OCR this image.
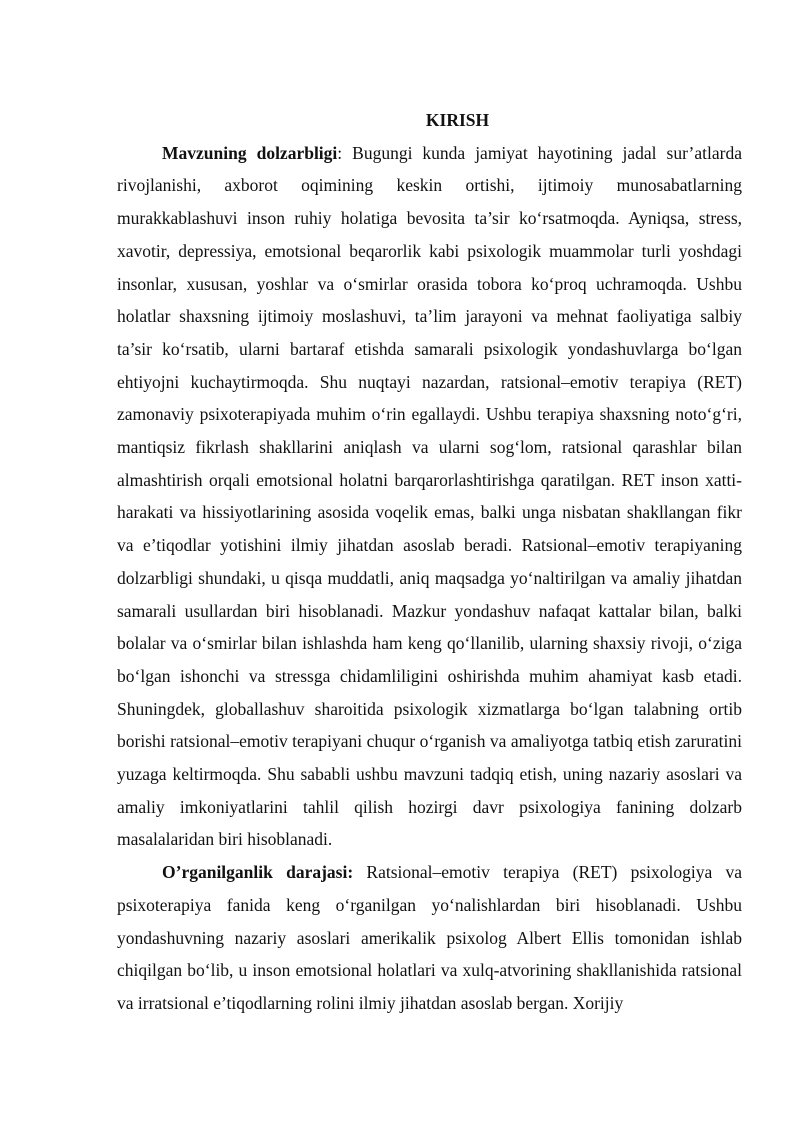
KIRISH

Mavzuning dolzarbligi: Bugungi kunda jamiyat hayotining jadal sur’atlarda rivojlanishi, axborot oqimining keskin ortishi, ijtimoiy munosabatlarning murakkablashuvi inson ruhiy holatiga bevosita ta’sir ko‘rsatmoqda. Ayniqsa, stress, xavotir, depressiya, emotsional beqarorlik kabi psixologik muammolar turli yoshdagi insonlar, xususan, yoshlar va o‘smirlar orasida tobora ko‘proq uchramoqda. Ushbu holatlar shaxsning ijtimoiy moslashuvi, ta’lim jarayoni va mehnat faoliyatiga salbiy ta’sir ko‘rsatib, ularni bartaraf etishda samarali psixologik yondashuvlarga bo‘lgan ehtiyojni kuchaytirmoqda. Shu nuqtayi nazardan, ratsional–emotiv terapiya (RET) zamonaviy psixoterapiyada muhim o‘rin egallaydi. Ushbu terapiya shaxsning noto‘g‘ri, mantiqsiz fikrlash shakllarini aniqlash va ularni sog‘lom, ratsional qarashlar bilan almashtirish orqali emotsional holatni barqarorlashtirishga qaratilgan. RET inson xatti-harakati va hissiyotlarining asosida voqelik emas, balki unga nisbatan shakllangan fikr va e’tiqodlar yotishini ilmiy jihatdan asoslab beradi. Ratsional–emotiv terapiyaning dolzarbligi shundaki, u qisqa muddatli, aniq maqsadga yo‘naltirilgan va amaliy jihatdan samarali usullardan biri hisoblanadi. Mazkur yondashuv nafaqat kattalar bilan, balki bolalar va o‘smirlar bilan ishlashda ham keng qo‘llanilib, ularning shaxsiy rivoji, o‘ziga bo‘lgan ishonchi va stressga chidamliligini oshirishda muhim ahamiyat kasb etadi. Shuningdek, globallashuv sharoitida psixologik xizmatlarga bo‘lgan talabning ortib borishi ratsional–emotiv terapiyani chuqur o‘rganish va amaliyotga tatbiq etish zaruratini yuzaga keltirmoqda. Shu sababli ushbu mavzuni tadqiq etish, uning nazariy asoslari va amaliy imkoniyatlarini tahlil qilish hozirgi davr psixologiya fanining dolzarb masalalaridan biri hisoblanadi.

O’rganilganlik darajasi: Ratsional–emotiv terapiya (RET) psixologiya va psixoterapiya fanida keng o‘rganilgan yo‘nalishlardan biri hisoblanadi. Ushbu yondashuvning nazariy asoslari amerikalik psixolog Albert Ellis tomonidan ishlab chiqilgan bo‘lib, u inson emotsional holatlari va xulq-atvorining shakllanishida ratsional va irratsional e’tiqodlarning rolini ilmiy jihatdan asoslab bergan. Xorijiy
